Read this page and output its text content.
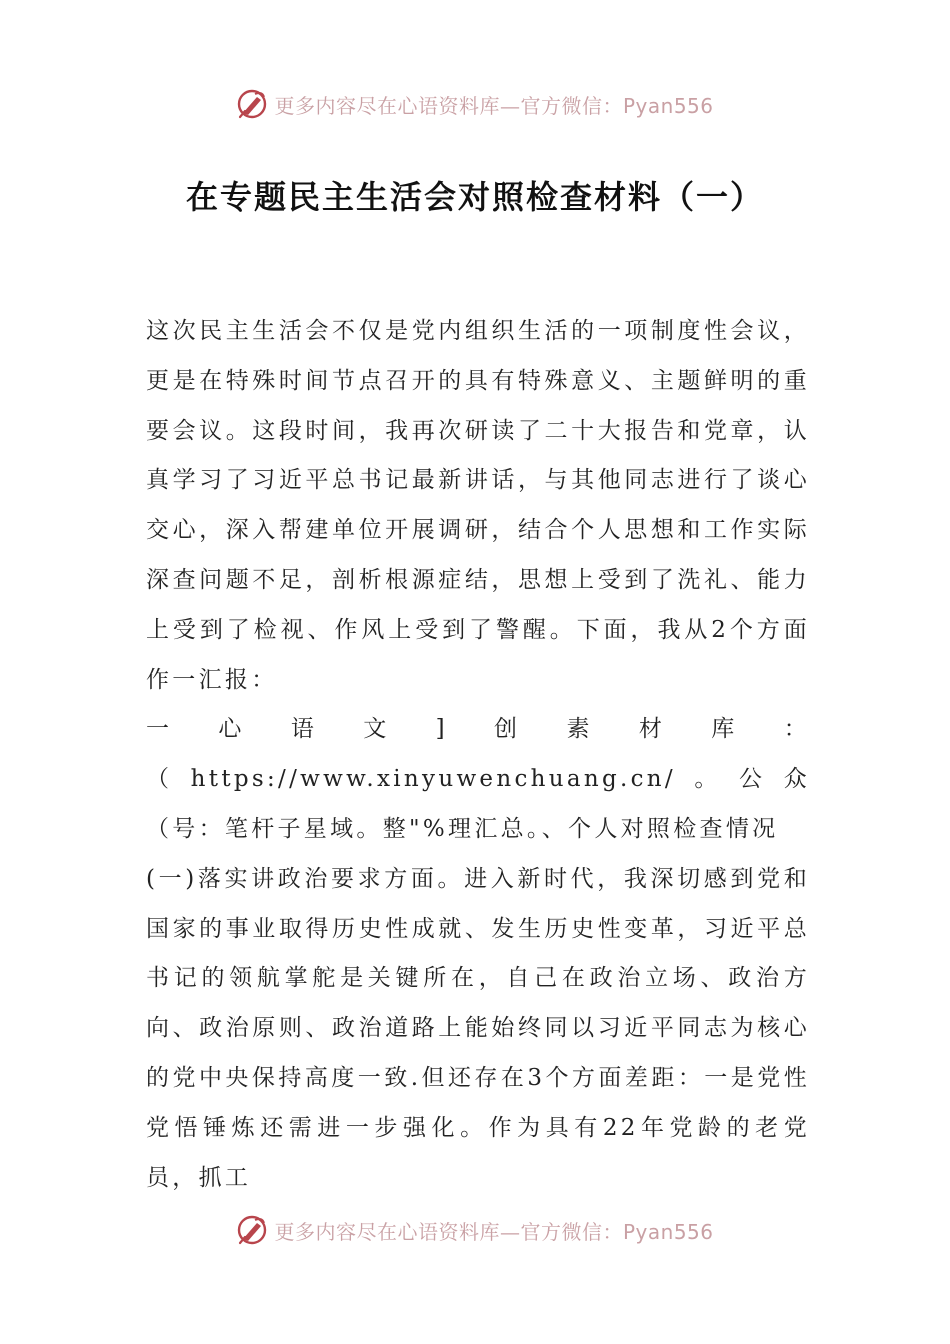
更多内容尽在心语资料库—官方微信：Pyan556
在专题民主生活会对照检查材料（一）

这次民主生活会不仅是党内组织生活的一项制度性会议，更是在特殊时间节点召开的具有特殊意义、主题鲜明的重要会议。这段时间，我再次研读了二十大报告和党章，认真学习了习近平总书记最新讲话，与其他同志进行了谈心交心，深入帮建单位开展调研，结合个人思想和工作实际深查问题不足，剖析根源症结，思想上受到了洗礼、能力上受到了检视、作风上受到了警醒。下面，我从2个方面作一汇报：

一心语文]创素材库：（https://www.xinyuwenchuang.cn/。公众（号：笔杆子星域。整"%理汇总。、个人对照检查情况

(一)落实讲政治要求方面。进入新时代，我深切感到党和国家的事业取得历史性成就、发生历史性变革，习近平总书记的领航掌舵是关键所在，自己在政治立场、政治方向、政治原则、政治道路上能始终同以习近平同志为核心的党中央保持高度一致.但还存在3个方面差距：一是党性党悟锤炼还需进一步强化。作为具有22年党龄的老党员，抓工

更多内容尽在心语资料库—官方微信：Pyan556
